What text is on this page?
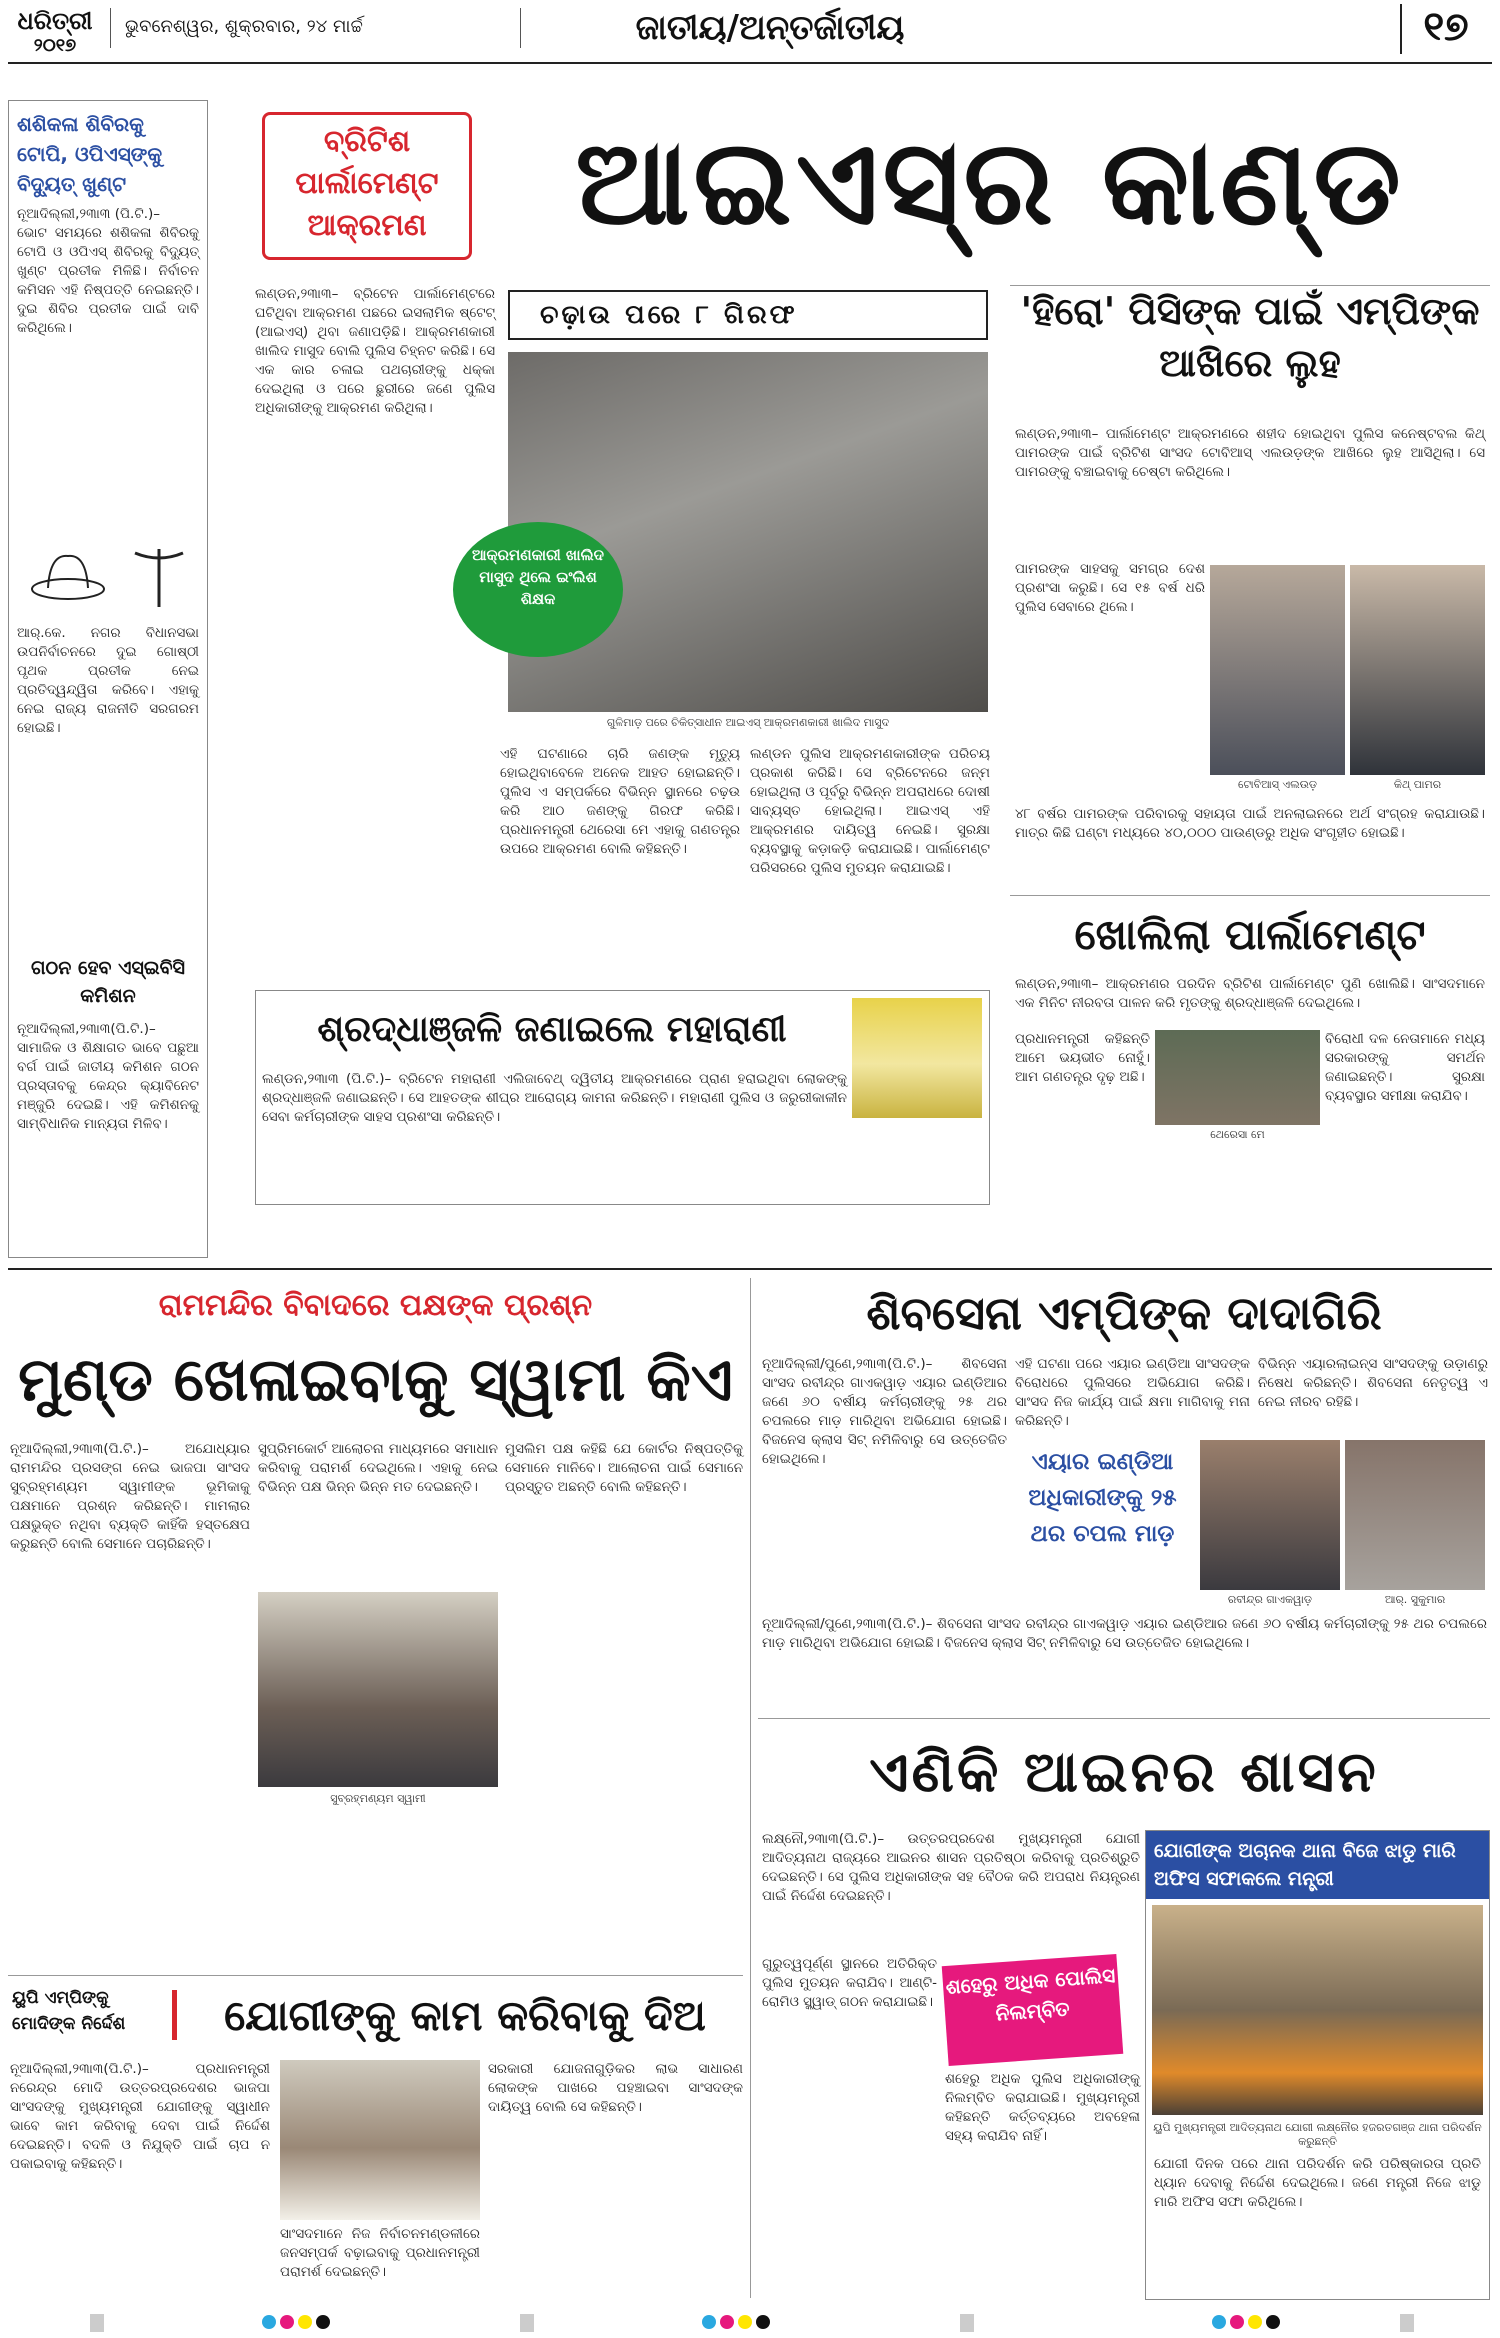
ଧରିତ୍ରୀ
୨୦୧୭
ଭୁବନେଶ୍ୱର, ଶୁକ୍ରବାର, ୨୪ ମାର୍ଚ୍ଚ	ଜାତୀୟ/ଅନ୍ତର୍ଜାତୀୟ	୧୭
ଶଶିକଳା ଶିବିରକୁ ଟୋପି, ଓପିଏସ୍‌ଙ୍କୁ ବିଦ୍ୟୁତ୍ ଖୁଣ୍ଟ
ନୂଆଦିଲ୍ଲୀ,୨୩ା୩ (ପି.ଟି.)–
ଭୋଟ ସମୟରେ ଶଶିକଳା ଶିବିରକୁ ଟୋପି ଓ ଓପିଏସ୍ ଶିବିରକୁ ବିଦ୍ୟୁତ୍ ଖୁଣ୍ଟ ପ୍ରତୀକ ମିଳିଛି। ନିର୍ବାଚନ କମିସନ ଏହି ନିଷ୍ପତ୍ତି ନେଇଛନ୍ତି। ଦୁଇ ଶିବିର ପ୍ରତୀକ ପାଇଁ ଦାବି କରିଥିଲେ।
ଆର୍.କେ. ନଗର ବିଧାନସଭା ଉପନିର୍ବାଚନରେ ଦୁଇ ଗୋଷ୍ଠୀ ପୃଥକ ପ୍ରତୀକ ନେଇ ପ୍ରତିଦ୍ୱନ୍ଦ୍ୱିତା କରିବେ। ଏହାକୁ ନେଇ ରାଜ୍ୟ ରାଜନୀତି ସରଗରମ ହୋଇଛି।
ଗଠନ ହେବ ଏସ୍‌ଇବିସି କମିଶନ
ନୂଆଦିଲ୍ଲୀ,୨୩ା୩(ପି.ଟି.)– ସାମାଜିକ ଓ ଶିକ୍ଷାଗତ ଭାବେ ପଛୁଆ ବର୍ଗ ପାଇଁ ଜାତୀୟ କମିଶନ ଗଠନ ପ୍ରସ୍ତାବକୁ କେନ୍ଦ୍ର କ୍ୟାବିନେଟ ମଞ୍ଜୁରି ଦେଇଛି। ଏହି କମିଶନକୁ ସାମ୍ବିଧାନିକ ମାନ୍ୟତା ମିଳିବ।
ବ୍ରିଟିଶ
ପାର୍ଲାମେଣ୍ଟ
ଆକ୍ରମଣ	ଆଇଏସ୍‌ର କାଣ୍ଡ
ଲଣ୍ଡନ,୨୩ା୩– ବ୍ରିଟେନ ପାର୍ଲାମେଣ୍ଟରେ ଘଟିଥିବା ଆକ୍ରମଣ ପଛରେ ଇସଲାମିକ ଷ୍ଟେଟ୍ (ଆଇଏସ୍) ଥିବା ଜଣାପଡ଼ିଛି। ଆକ୍ରମଣକାରୀ ଖାଲିଦ ମାସୁଦ ବୋଲି ପୁଲିସ ଚିହ୍ନଟ କରିଛି। ସେ ଏକ କାର ଚଳାଇ ପଥଚାରୀଙ୍କୁ ଧକ୍କା ଦେଇଥିଲା ଓ ପରେ ଛୁରୀରେ ଜଣେ ପୁଲିସ ଅଧିକାରୀଙ୍କୁ ଆକ୍ରମଣ କରିଥିଲା।
ଚଢ଼ାଉ ପରେ ୮ ଗିରଫ
ଆକ୍ରମଣକାରୀ ଖାଲିଦ ମାସୁଦ ଥିଲେ ଇଂଲିଶ ଶିକ୍ଷକ
ଗୁଳିମାଡ଼ ପରେ ଚିକିତ୍ସାଧୀନ ଆଇଏସ୍ ଆକ୍ରମଣକାରୀ ଖାଲିଦ ମାସୁଦ
ଏହି ଘଟଣାରେ ଚାରି ଜଣଙ୍କ ମୃତ୍ୟୁ ହୋଇଥିବାବେଳେ ଅନେକ ଆହତ ହୋଇଛନ୍ତି। ପୁଲିସ ଏ ସମ୍ପର୍କରେ ବିଭିନ୍ନ ସ୍ଥାନରେ ଚଢ଼ଉ କରି ଆଠ ଜଣଙ୍କୁ ଗିରଫ କରିଛି। ପ୍ରଧାନମନ୍ତ୍ରୀ ଥେରେସା ମେ ଏହାକୁ ଗଣତନ୍ତ୍ର ଉପରେ ଆକ୍ରମଣ ବୋଲି କହିଛନ୍ତି।
ଲଣ୍ଡନ ପୁଲିସ ଆକ୍ରମଣକାରୀଙ୍କ ପରିଚୟ ପ୍ରକାଶ କରିଛି। ସେ ବ୍ରିଟେନରେ ଜନ୍ମ ହୋଇଥିଲା ଓ ପୂର୍ବରୁ ବିଭିନ୍ନ ଅପରାଧରେ ଦୋଷୀ ସାବ୍ୟସ୍ତ ହୋଇଥିଲା। ଆଇଏସ୍ ଏହି ଆକ୍ରମଣର ଦାୟିତ୍ୱ ନେଇଛି। ସୁରକ୍ଷା ବ୍ୟବସ୍ଥାକୁ କଡ଼ାକଡ଼ି କରାଯାଇଛି। ପାର୍ଲାମେଣ୍ଟ ପରିସରରେ ପୁଲିସ ମୁତୟନ କରାଯାଇଛି।
'ହିରୋ' ପିସିଙ୍କ ପାଇଁ ଏମ୍‌ପିଙ୍କ ଆଖିରେ ଲୁହ
ଲଣ୍ଡନ,୨୩ା୩– ପାର୍ଲାମେଣ୍ଟ ଆକ୍ରମଣରେ ଶହୀଦ ହୋଇଥିବା ପୁଲିସ କନେଷ୍ଟବଲ କିଥ୍ ପାମରଙ୍କ ପାଇଁ ବ୍ରିଟିଶ ସାଂସଦ ଟୋବିଆସ୍ ଏଲଉଡ଼ଙ୍କ ଆଖିରେ ଲୁହ ଆସିଥିଲା। ସେ ପାମରଙ୍କୁ ବଞ୍ଚାଇବାକୁ ଚେଷ୍ଟା କରିଥିଲେ।
ପାମରଙ୍କ ସାହସକୁ ସମଗ୍ର ଦେଶ ପ୍ରଶଂସା କରୁଛି। ସେ ୧୫ ବର୍ଷ ଧରି ପୁଲିସ ସେବାରେ ଥିଲେ।
ଟୋବିଆସ୍ ଏଲଉଡ଼	କିଥ୍ ପାମର
୪୮ ବର୍ଷର ପାମରଙ୍କ ପରିବାରକୁ ସହାୟତା ପାଇଁ ଅନଲାଇନରେ ଅର୍ଥ ସଂଗ୍ରହ କରାଯାଉଛି। ମାତ୍ର କିଛି ଘଣ୍ଟା ମଧ୍ୟରେ ୪୦,୦୦୦ ପାଉଣ୍ଡରୁ ଅଧିକ ସଂଗୃହୀତ ହୋଇଛି।
ଖୋଲିଲା ପାର୍ଲାମେଣ୍ଟ
ଲଣ୍ଡନ,୨୩ା୩– ଆକ୍ରମଣର ପରଦିନ ବ୍ରିଟିଶ ପାର୍ଲାମେଣ୍ଟ ପୁଣି ଖୋଲିଛି। ସାଂସଦମାନେ ଏକ ମିନିଟ ନୀରବତା ପାଳନ କରି ମୃତଙ୍କୁ ଶ୍ରଦ୍ଧାଞ୍ଜଳି ଦେଇଥିଲେ।
ପ୍ରଧାନମନ୍ତ୍ରୀ କହିଛନ୍ତି ଆମେ ଭୟଭୀତ ନୋହୁଁ। ଆମ ଗଣତନ୍ତ୍ର ଦୃଢ଼ ଅଛି।
ଥେରେସା ମେ
ବିରୋଧୀ ଦଳ ନେତାମାନେ ମଧ୍ୟ ସରକାରଙ୍କୁ ସମର୍ଥନ ଜଣାଇଛନ୍ତି। ସୁରକ୍ଷା ବ୍ୟବସ୍ଥାର ସମୀକ୍ଷା କରାଯିବ।
ଶ୍ରଦ୍ଧାଞ୍ଜଳି ଜଣାଇଲେ ମହାରାଣୀ
ଲଣ୍ଡନ,୨୩ା୩ (ପି.ଟି.)– ବ୍ରିଟେନ ମହାରାଣୀ ଏଲିଜାବେଥ୍ ଦ୍ୱିତୀୟ ଆକ୍ରମଣରେ ପ୍ରାଣ ହରାଇଥିବା ଲୋକଙ୍କୁ ଶ୍ରଦ୍ଧାଞ୍ଜଳି ଜଣାଇଛନ୍ତି। ସେ ଆହତଙ୍କ ଶୀଘ୍ର ଆରୋଗ୍ୟ କାମନା କରିଛନ୍ତି। ମହାରାଣୀ ପୁଲିସ ଓ ଜରୁରୀକାଳୀନ ସେବା କର୍ମଚାରୀଙ୍କ ସାହସ ପ୍ରଶଂସା କରିଛନ୍ତି।
ରାମମନ୍ଦିର ବିବାଦରେ ପକ୍ଷଙ୍କ ପ୍ରଶ୍ନ
ମୁଣ୍ଡ ଖେଳାଇବାକୁ ସ୍ୱାମୀ କିଏ
ନୂଆଦିଲ୍ଲୀ,୨୩ା୩(ପି.ଟି.)– ଅଯୋଧ୍ୟାର ରାମମନ୍ଦିର ପ୍ରସଙ୍ଗ ନେଇ ଭାଜପା ସାଂସଦ ସୁବ୍ରହ୍ମଣ୍ୟମ ସ୍ୱାମୀଙ୍କ ଭୂମିକାକୁ ପକ୍ଷମାନେ ପ୍ରଶ୍ନ କରିଛନ୍ତି। ମାମଲାର ପକ୍ଷଭୁକ୍ତ ନଥିବା ବ୍ୟକ୍ତି କାହିଁକି ହସ୍ତକ୍ଷେପ କରୁଛନ୍ତି ବୋଲି ସେମାନେ ପଚାରିଛନ୍ତି।
ସୁପ୍ରିମକୋର୍ଟ ଆଲୋଚନା ମାଧ୍ୟମରେ ସମାଧାନ କରିବାକୁ ପରାମର୍ଶ ଦେଇଥିଲେ। ଏହାକୁ ନେଇ ବିଭିନ୍ନ ପକ୍ଷ ଭିନ୍ନ ଭିନ୍ନ ମତ ଦେଇଛନ୍ତି।
ସୁବ୍ରହ୍ମଣ୍ୟମ ସ୍ୱାମୀ
ମୁସଲିମ ପକ୍ଷ କହିଛି ଯେ କୋର୍ଟର ନିଷ୍ପତ୍ତିକୁ ସେମାନେ ମାନିବେ। ଆଲୋଚନା ପାଇଁ ସେମାନେ ପ୍ରସ୍ତୁତ ଅଛନ୍ତି ବୋଲି କହିଛନ୍ତି।
ୟୁପି ଏମ୍‌ପିଙ୍କୁ ମୋଦିଙ୍କ ନିର୍ଦ୍ଦେଶ	ଯୋଗୀଙ୍କୁ କାମ କରିବାକୁ ଦିଅ
ନୂଆଦିଲ୍ଲୀ,୨୩ା୩(ପି.ଟି.)– ପ୍ରଧାନମନ୍ତ୍ରୀ ନରେନ୍ଦ୍ର ମୋଦି ଉତ୍ତରପ୍ରଦେଶର ଭାଜପା ସାଂସଦଙ୍କୁ ମୁଖ୍ୟମନ୍ତ୍ରୀ ଯୋଗୀଙ୍କୁ ସ୍ୱାଧୀନ ଭାବେ କାମ କରିବାକୁ ଦେବା ପାଇଁ ନିର୍ଦ୍ଦେଶ ଦେଇଛନ୍ତି। ବଦଳି ଓ ନିଯୁକ୍ତି ପାଇଁ ଚାପ ନ ପକାଇବାକୁ କହିଛନ୍ତି।
ସାଂସଦମାନେ ନିଜ ନିର୍ବାଚନମଣ୍ଡଳୀରେ ଜନସମ୍ପର୍କ ବଢ଼ାଇବାକୁ ପ୍ରଧାନମନ୍ତ୍ରୀ ପରାମର୍ଶ ଦେଇଛନ୍ତି।
ସରକାରୀ ଯୋଜନାଗୁଡ଼ିକର ଲାଭ ସାଧାରଣ ଲୋକଙ୍କ ପାଖରେ ପହଞ୍ଚାଇବା ସାଂସଦଙ୍କ ଦାୟିତ୍ୱ ବୋଲି ସେ କହିଛନ୍ତି।
ଶିବସେନା ଏମ୍‌ପିଙ୍କ ଦାଦାଗିରି
ନୂଆଦିଲ୍ଲୀ/ପୁଣେ,୨୩ା୩(ପି.ଟି.)– ଶିବସେନା ସାଂସଦ ରବୀନ୍ଦ୍ର ଗାଏକୱାଡ଼ ଏୟାର ଇଣ୍ଡିଆର ଜଣେ ୬୦ ବର୍ଷୀୟ କର୍ମଚାରୀଙ୍କୁ ୨୫ ଥର ଚପଲରେ ମାଡ଼ ମାରିଥିବା ଅଭିଯୋଗ ହୋଇଛି। ବିଜନେସ କ୍ଲାସ ସିଟ୍ ନମିଳିବାରୁ ସେ ଉତ୍ତେଜିତ ହୋଇଥିଲେ।
ଏହି ଘଟଣା ପରେ ଏୟାର ଇଣ୍ଡିଆ ସାଂସଦଙ୍କ ବିରୋଧରେ ପୁଲିସରେ ଅଭିଯୋଗ କରିଛି। ସାଂସଦ ନିଜ କାର୍ଯ୍ୟ ପାଇଁ କ୍ଷମା ମାଗିବାକୁ ମନା କରିଛନ୍ତି।
ବିଭିନ୍ନ ଏୟାରଲାଇନ୍ସ ସାଂସଦଙ୍କୁ ଉଡ଼ାଣରୁ ନିଷେଧ କରିଛନ୍ତି। ଶିବସେନା ନେତୃତ୍ୱ ଏ ନେଇ ନୀରବ ରହିଛି।
ଏୟାର ଇଣ୍ଡିଆ ଅଧିକାରୀଙ୍କୁ ୨୫ ଥର ଚପଲ ମାଡ଼
ରବୀନ୍ଦ୍ର ଗାଏକୱାଡ଼	ଆର୍. ସୁକୁମାର
ନୂଆଦିଲ୍ଲୀ/ପୁଣେ,୨୩ା୩(ପି.ଟି.)– ଶିବସେନା ସାଂସଦ ରବୀନ୍ଦ୍ର ଗାଏକୱାଡ଼ ଏୟାର ଇଣ୍ଡିଆର ଜଣେ ୬୦ ବର୍ଷୀୟ କର୍ମଚାରୀଙ୍କୁ ୨୫ ଥର ଚପଲରେ ମାଡ଼ ମାରିଥିବା ଅଭିଯୋଗ ହୋଇଛି। ବିଜନେସ କ୍ଲାସ ସିଟ୍ ନମିଳିବାରୁ ସେ ଉତ୍ତେଜିତ ହୋଇଥିଲେ।
ଏଣିକି ଆଇନର ଶାସନ
ଲକ୍ଷ୍ନୌ,୨୩ା୩(ପି.ଟି.)– ଉତ୍ତରପ୍ରଦେଶ ମୁଖ୍ୟମନ୍ତ୍ରୀ ଯୋଗୀ ଆଦିତ୍ୟନାଥ ରାଜ୍ୟରେ ଆଇନର ଶାସନ ପ୍ରତିଷ୍ଠା କରିବାକୁ ପ୍ରତିଶ୍ରୁତି ଦେଇଛନ୍ତି। ସେ ପୁଲିସ ଅଧିକାରୀଙ୍କ ସହ ବୈଠକ କରି ଅପରାଧ ନିୟନ୍ତ୍ରଣ ପାଇଁ ନିର୍ଦ୍ଦେଶ ଦେଇଛନ୍ତି।
ଶହେରୁ ଅଧିକ ପୋଲିସ ନିଲମ୍ବିତ
ଗୁରୁତ୍ୱପୂର୍ଣ୍ଣ ସ୍ଥାନରେ ଅତିରିକ୍ତ ପୁଲିସ ମୁତୟନ କରାଯିବ। ଆଣ୍ଟି-ରୋମିଓ ସ୍କ୍ୱାଡ୍ ଗଠନ କରାଯାଇଛି।
ଶହେରୁ ଅଧିକ ପୁଲିସ ଅଧିକାରୀଙ୍କୁ ନିଲମ୍ବିତ କରାଯାଇଛି। ମୁଖ୍ୟମନ୍ତ୍ରୀ କହିଛନ୍ତି କର୍ତ୍ତବ୍ୟରେ ଅବହେଳା ସହ୍ୟ କରାଯିବ ନାହିଁ।
ଯୋଗୀଙ୍କ ଅଚାନକ ଥାନା ବିଜେ ଝାଡୁ ମାରି ଅଫିସ ସଫାକଲେ ମନ୍ତ୍ରୀ
ୟୁପି ମୁଖ୍ୟମନ୍ତ୍ରୀ ଆଦିତ୍ୟନାଥ ଯୋଗୀ ଲକ୍ଷ୍ନୌର ହଜରତଗଞ୍ଜ ଥାନା ପରିଦର୍ଶନ କରୁଛନ୍ତି
ଯୋଗୀ ଦିନକ ପରେ ଥାନା ପରିଦର୍ଶନ କରି ପରିଷ୍କାରତା ପ୍ରତି ଧ୍ୟାନ ଦେବାକୁ ନିର୍ଦ୍ଦେଶ ଦେଇଥିଲେ। ଜଣେ ମନ୍ତ୍ରୀ ନିଜେ ଝାଡୁ ମାରି ଅଫିସ ସଫା କରିଥିଲେ।
